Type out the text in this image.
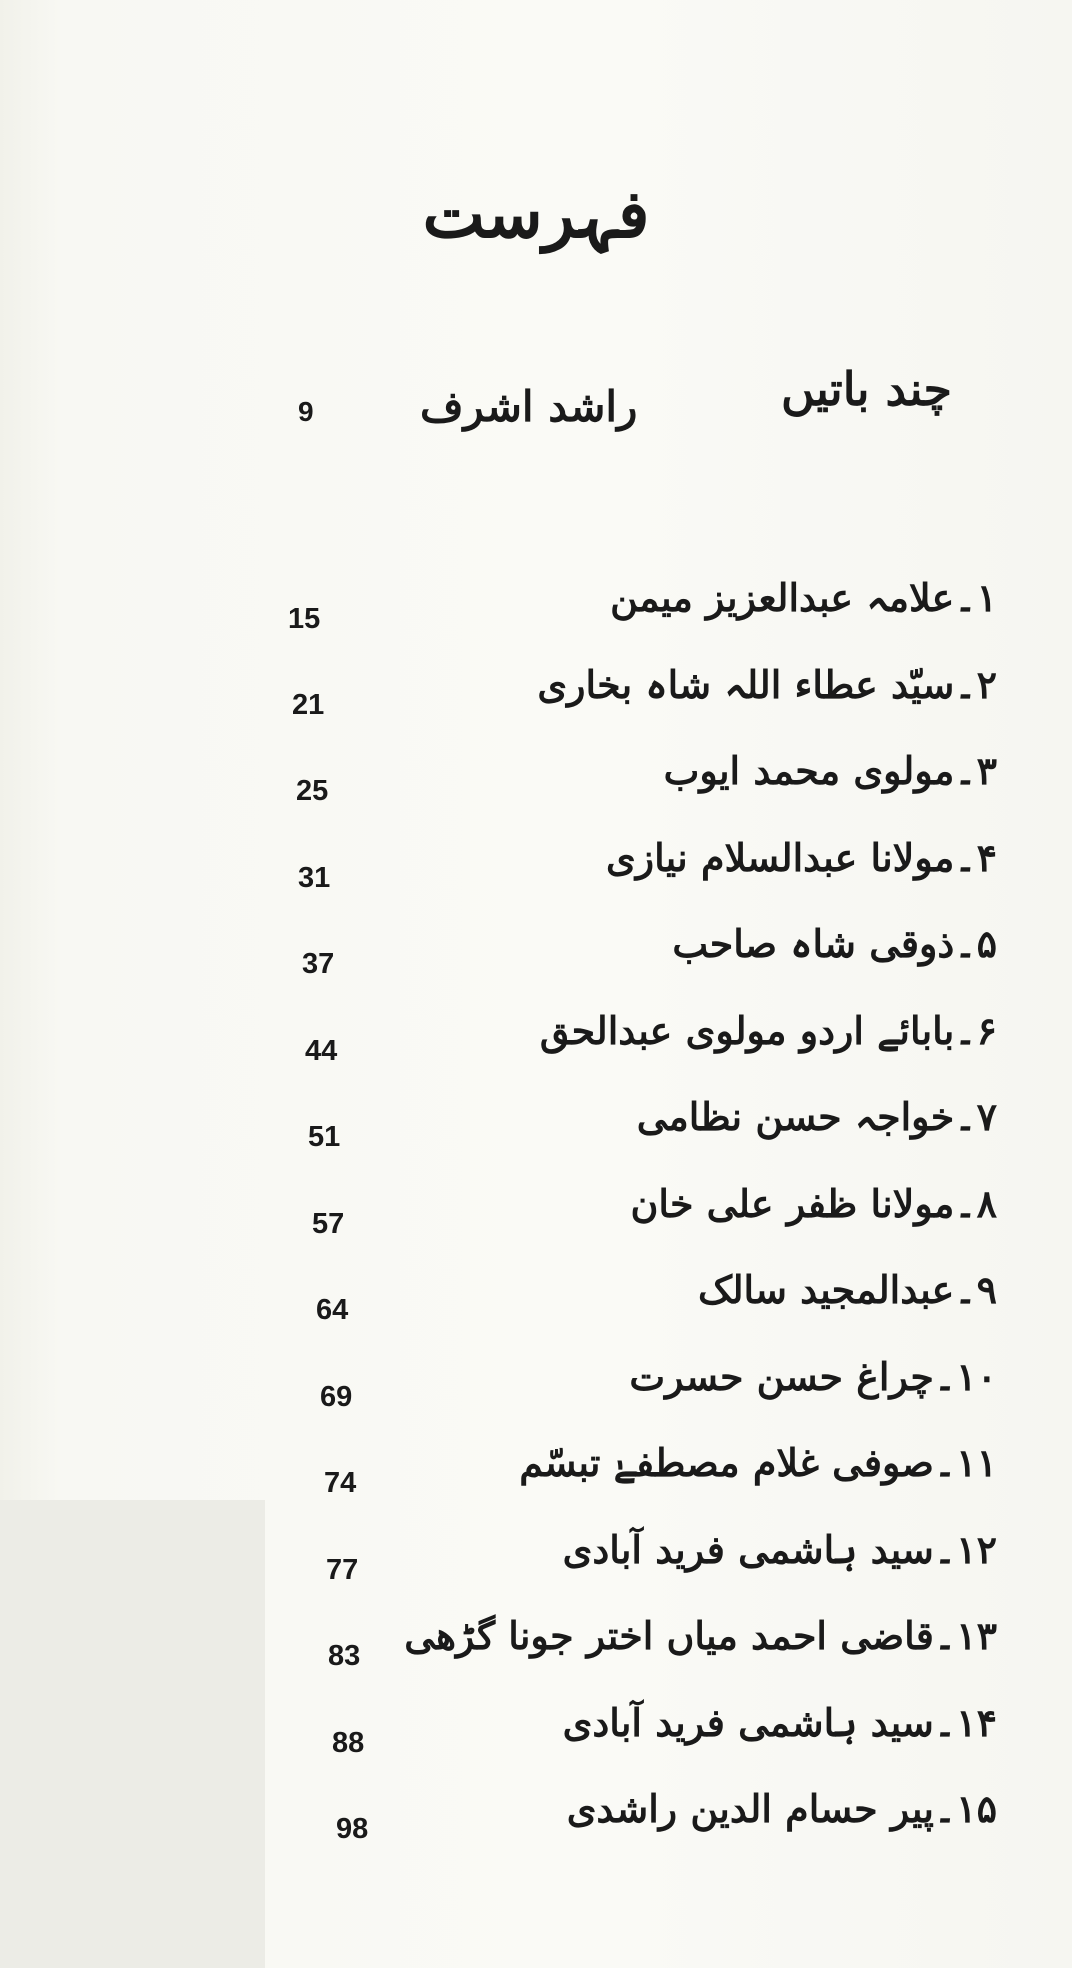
فہرست
چند باتیں
راشد اشرف
9
۱۔علامہ عبدالعزیز میمن
15
۲۔سیّد عطاء اللہ شاہ بخاری
21
۳۔مولوی محمد ایوب
25
۴۔مولانا عبدالسلام نیازی
31
۵۔ذوقی شاہ صاحب
37
۶۔بابائے اردو مولوی عبدالحق
44
۷۔خواجہ حسن نظامی
51
۸۔مولانا ظفر علی خان
57
۹۔عبدالمجید سالک
64
۱۰۔چراغ حسن حسرت
69
۱۱۔صوفی غلام مصطفےٰ تبسّم
74
۱۲۔سید ہاشمی فرید آبادی
77
۱۳۔قاضی احمد میاں اختر جونا گڑھی
83
۱۴۔سید ہاشمی فرید آبادی
88
۱۵۔پیر حسام الدین راشدی
98
